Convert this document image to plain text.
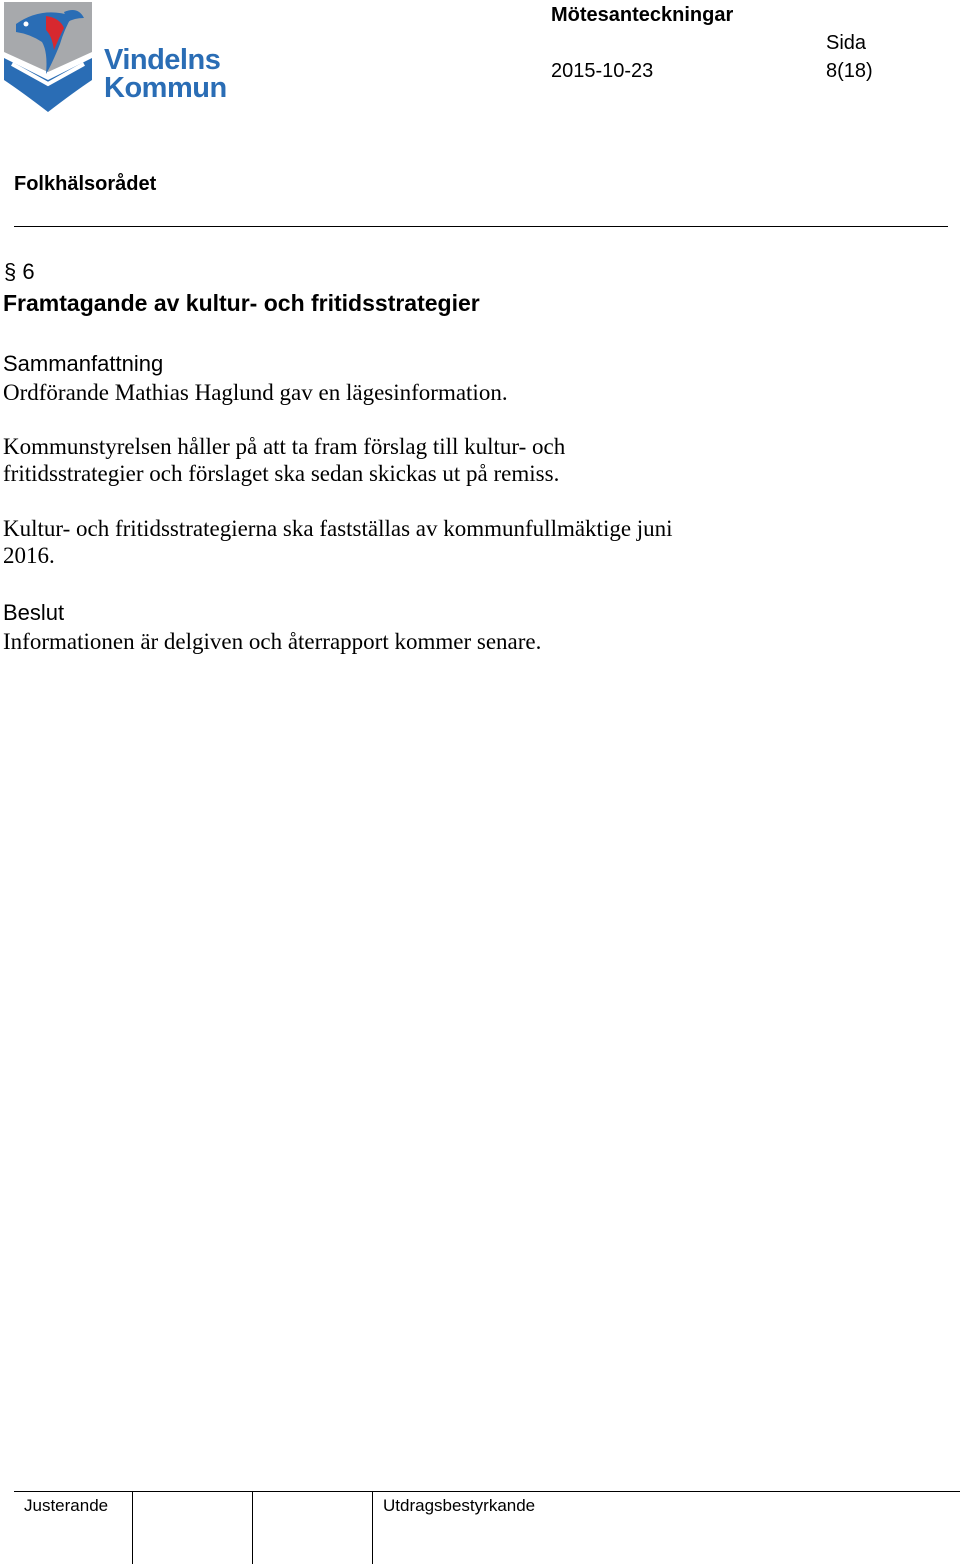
Vindelns
Kommun
Mötesanteckningar
Sida
2015-10-23	8(18)
Folkhälsorådet
§ 6
Framtagande av kultur- och fritidsstrategier
Sammanfattning
Ordförande Mathias Haglund gav en lägesinformation.
Kommunstyrelsen håller på att ta fram förslag till kultur- och
fritidsstrategier och förslaget ska sedan skickas ut på remiss.
Kultur- och fritidsstrategierna ska fastställas av kommunfullmäktige juni
2016.
Beslut
Informationen är delgiven och återrapport kommer senare.
Justerande	Utdragsbestyrkande
